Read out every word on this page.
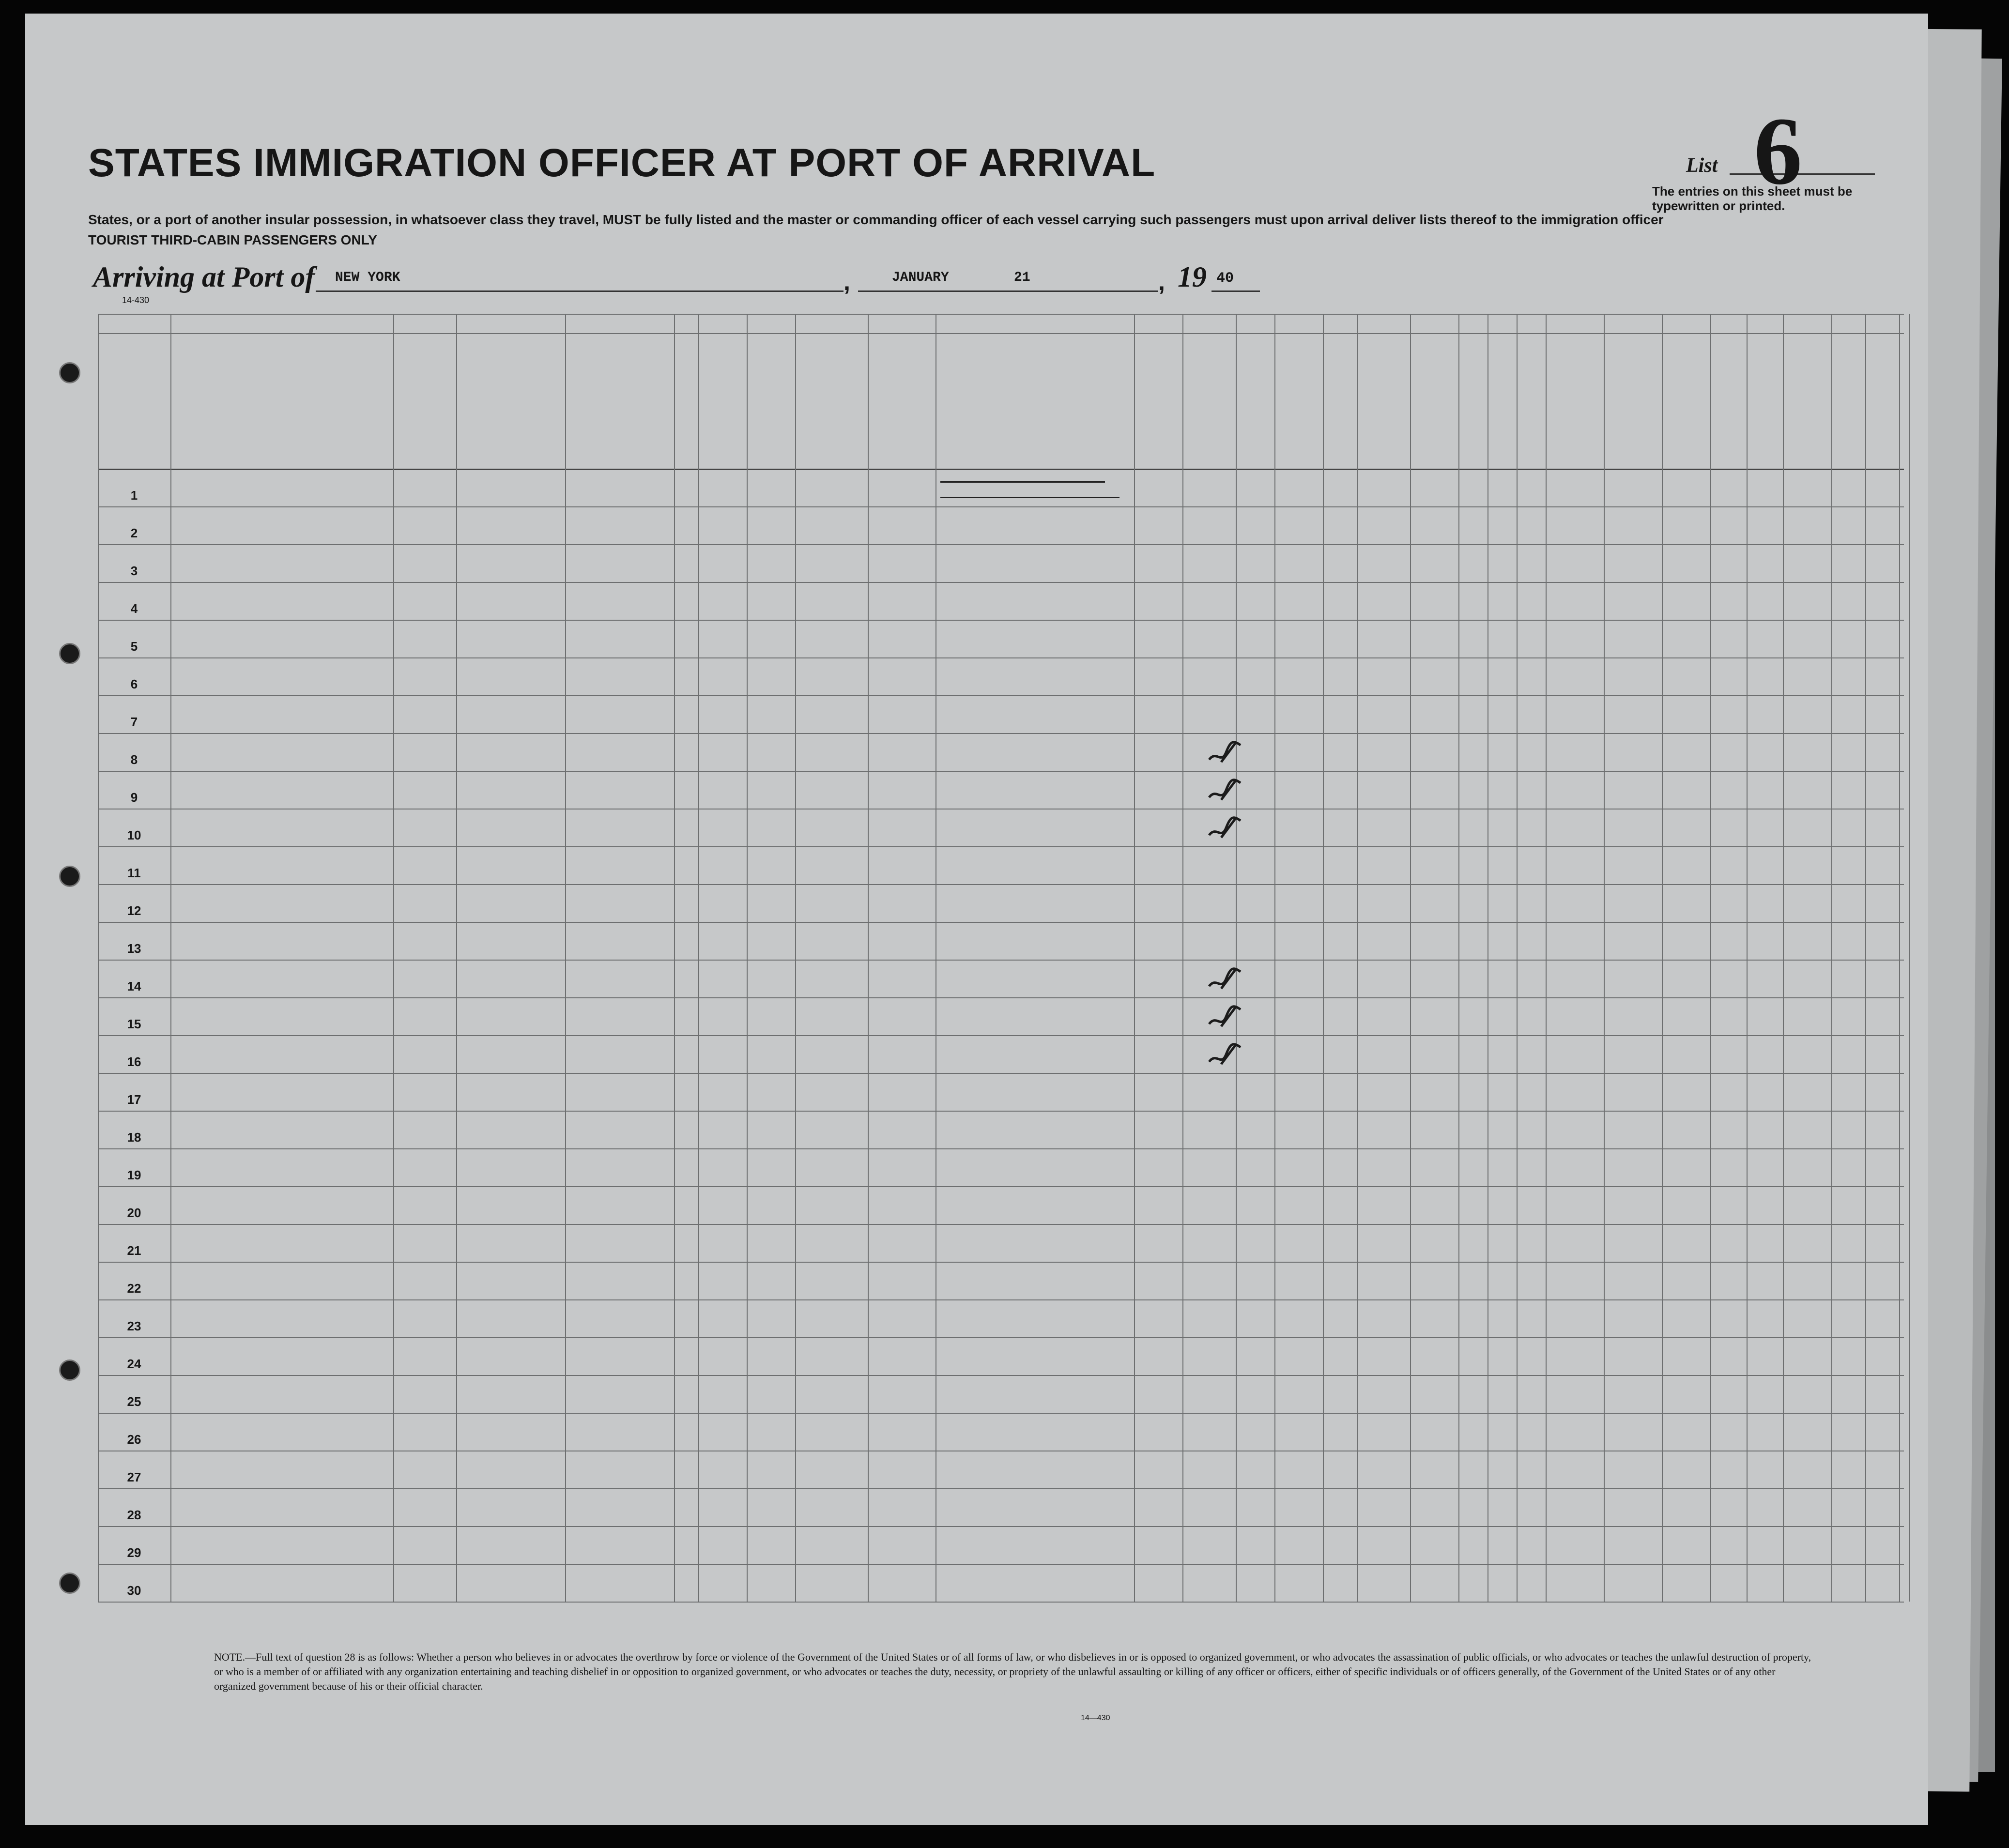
STATES IMMIGRATION OFFICER AT PORT OF ARRIVAL
States, or a port of another insular possession, in whatsoever class they travel, MUST be fully listed and the master or commanding officer of each vessel carrying such passengers must upon arrival deliver lists thereof to the immigration officer
TOURIST THIRD-CABIN PASSENGERS ONLY
Arriving at Port of NEW YORK	,	JANUARY        21	, 19 40
List 6
The entries on this sheet must be typewritten or printed.
14-430
1
2
3
4
5
6
7
8
9
10
11
12
13
14
15
16
17
18
19
20
21
22
23
24
25
26
27
28
29
30
NOTE.—Full text of question 28 is as follows: Whether a person who believes in or advocates the overthrow by force or violence of the Government of the United States or of all forms of law, or who disbelieves in or is opposed to organized government, or who advocates the assassination of public officials, or who advocates or teaches the unlawful destruction of property, or who is a member of or affiliated with any organization entertaining and teaching disbelief in or opposition to organized government, or who advocates or teaches the duty, necessity, or propriety of the unlawful assaulting or killing of any officer or officers, either of specific individuals or of officers generally, of the Government of the United States or of any other organized government because of his or their official character.
14—430
